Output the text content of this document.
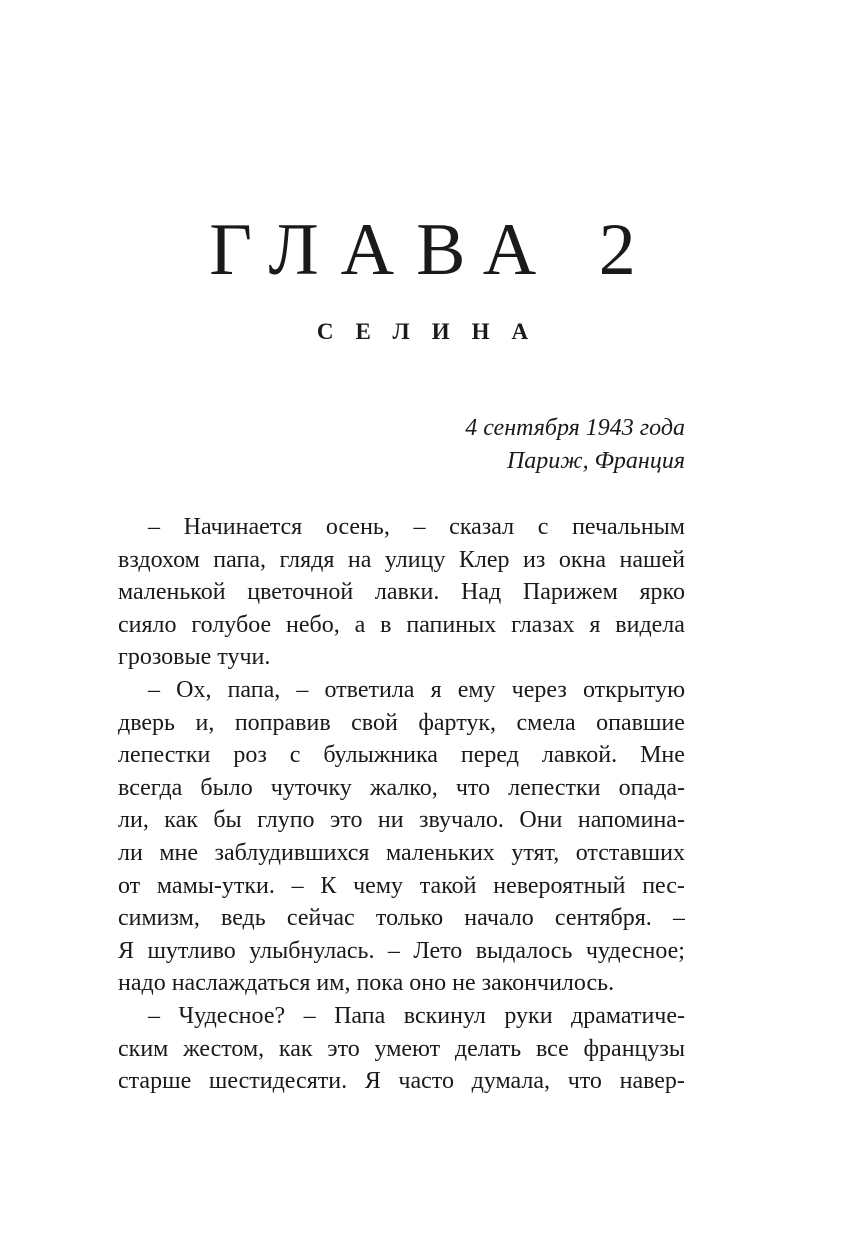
ГЛАВА 2
СЕЛИНА
4 сентября 1943 года
Париж, Франция
– Начинается осень, – сказал с печальным
вздохом папа, глядя на улицу Клер из окна нашей
маленькой цветочной лавки. Над Парижем ярко
сияло голубое небо, а в папиных глазах я видела
грозовые тучи.
– Ох, папа, – ответила я ему через открытую
дверь и, поправив свой фартук, смела опавшие
лепестки роз с булыжника перед лавкой. Мне
всегда было чуточку жалко, что лепестки опада-
ли, как бы глупо это ни звучало. Они напомина-
ли мне заблудившихся маленьких утят, отставших
от мамы-утки. – К чему такой невероятный пес-
симизм, ведь сейчас только начало сентября. –
Я шутливо улыбнулась. – Лето выдалось чудесное;
надо наслаждаться им, пока оно не закончилось.
– Чудесное? – Папа вскинул руки драматиче-
ским жестом, как это умеют делать все французы
старше шестидесяти. Я часто думала, что навер-
